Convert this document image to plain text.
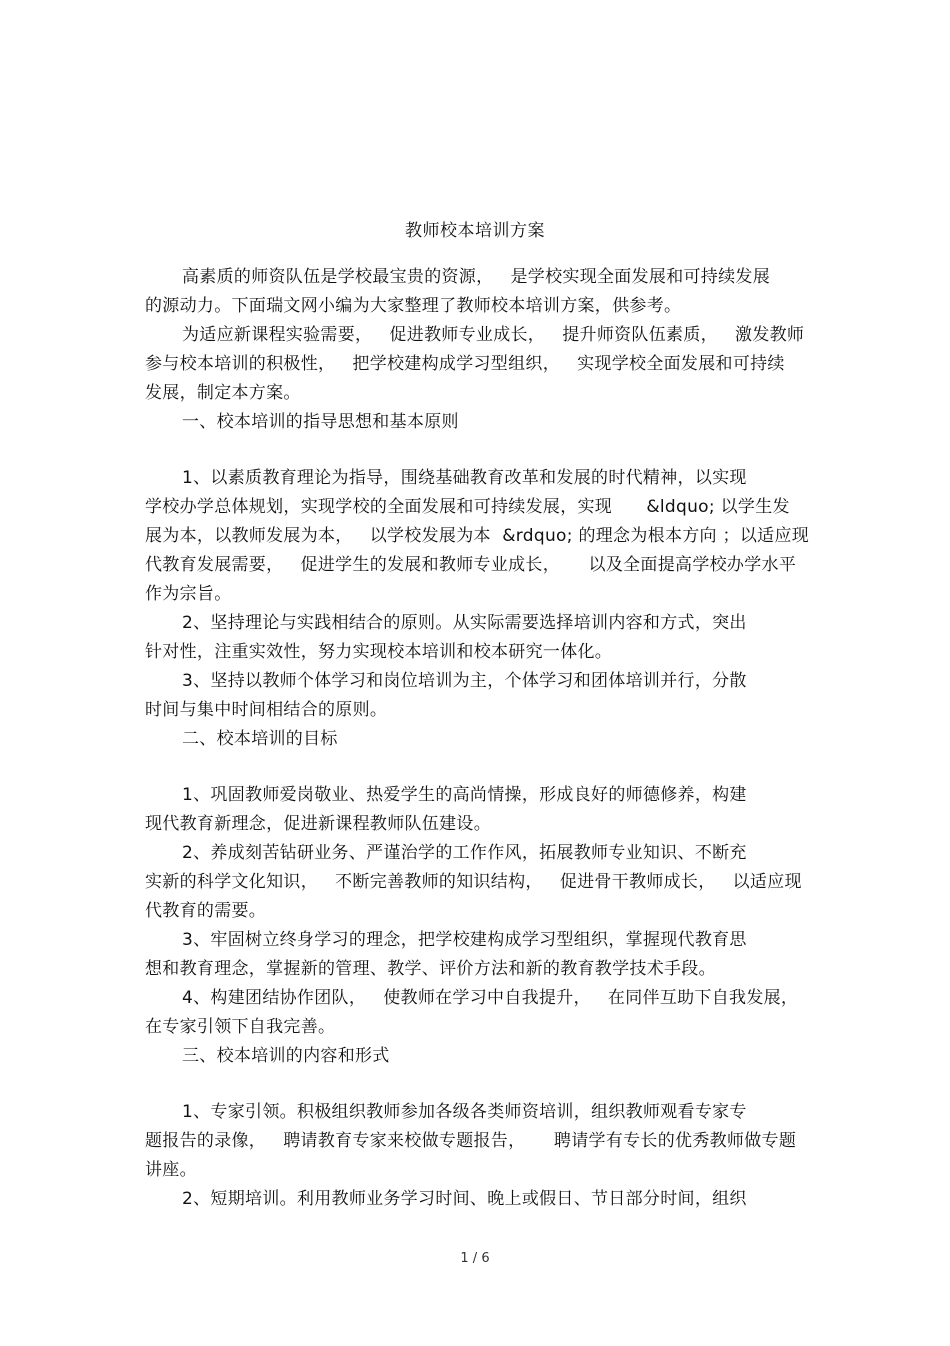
教师校本培训方案
高素质的师资队伍是学校最宝贵的资源，   是学校实现全面发展和可持续发展
的源动力。下面瑞文网小编为大家整理了教师校本培训方案，供参考。
为适应新课程实验需要，   促进教师专业成长，   提升师资队伍素质，   激发教师
参与校本培训的积极性，   把学校建构成学习型组织，   实现学校全面发展和可持续
发展，制定本方案。
一、校本培训的指导思想和基本原则
1、以素质教育理论为指导，围绕基础教育改革和发展的时代精神，以实现
学校办学总体规划，实现学校的全面发展和可持续发展，实现      &ldquo; 以学生发
展为本，以教师发展为本，   以学校发展为本  &rdquo; 的理念为根本方向 ；以适应现
代教育发展需要，   促进学生的发展和教师专业成长，     以及全面提高学校办学水平
作为宗旨。
2、坚持理论与实践相结合的原则。从实际需要选择培训内容和方式，突出
针对性，注重实效性，努力实现校本培训和校本研究一体化。
3、坚持以教师个体学习和岗位培训为主，个体学习和团体培训并行，分散
时间与集中时间相结合的原则。
二、校本培训的目标
1、巩固教师爱岗敬业、热爱学生的高尚情操，形成良好的师德修养，构建
现代教育新理念，促进新课程教师队伍建设。
2、养成刻苦钻研业务、严谨治学的工作作风，拓展教师专业知识、不断充
实新的科学文化知识，   不断完善教师的知识结构，   促进骨干教师成长，   以适应现
代教育的需要。
3、牢固树立终身学习的理念，把学校建构成学习型组织，掌握现代教育思
想和教育理念，掌握新的管理、教学、评价方法和新的教育教学技术手段。
4、构建团结协作团队，   使教师在学习中自我提升，   在同伴互助下自我发展，
在专家引领下自我完善。
三、校本培训的内容和形式
1、专家引领。积极组织教师参加各级各类师资培训，组织教师观看专家专
题报告的录像，   聘请教育专家来校做专题报告，     聘请学有专长的优秀教师做专题
讲座。
2、短期培训。利用教师业务学习时间、晚上或假日、节日部分时间，组织
1 / 6
